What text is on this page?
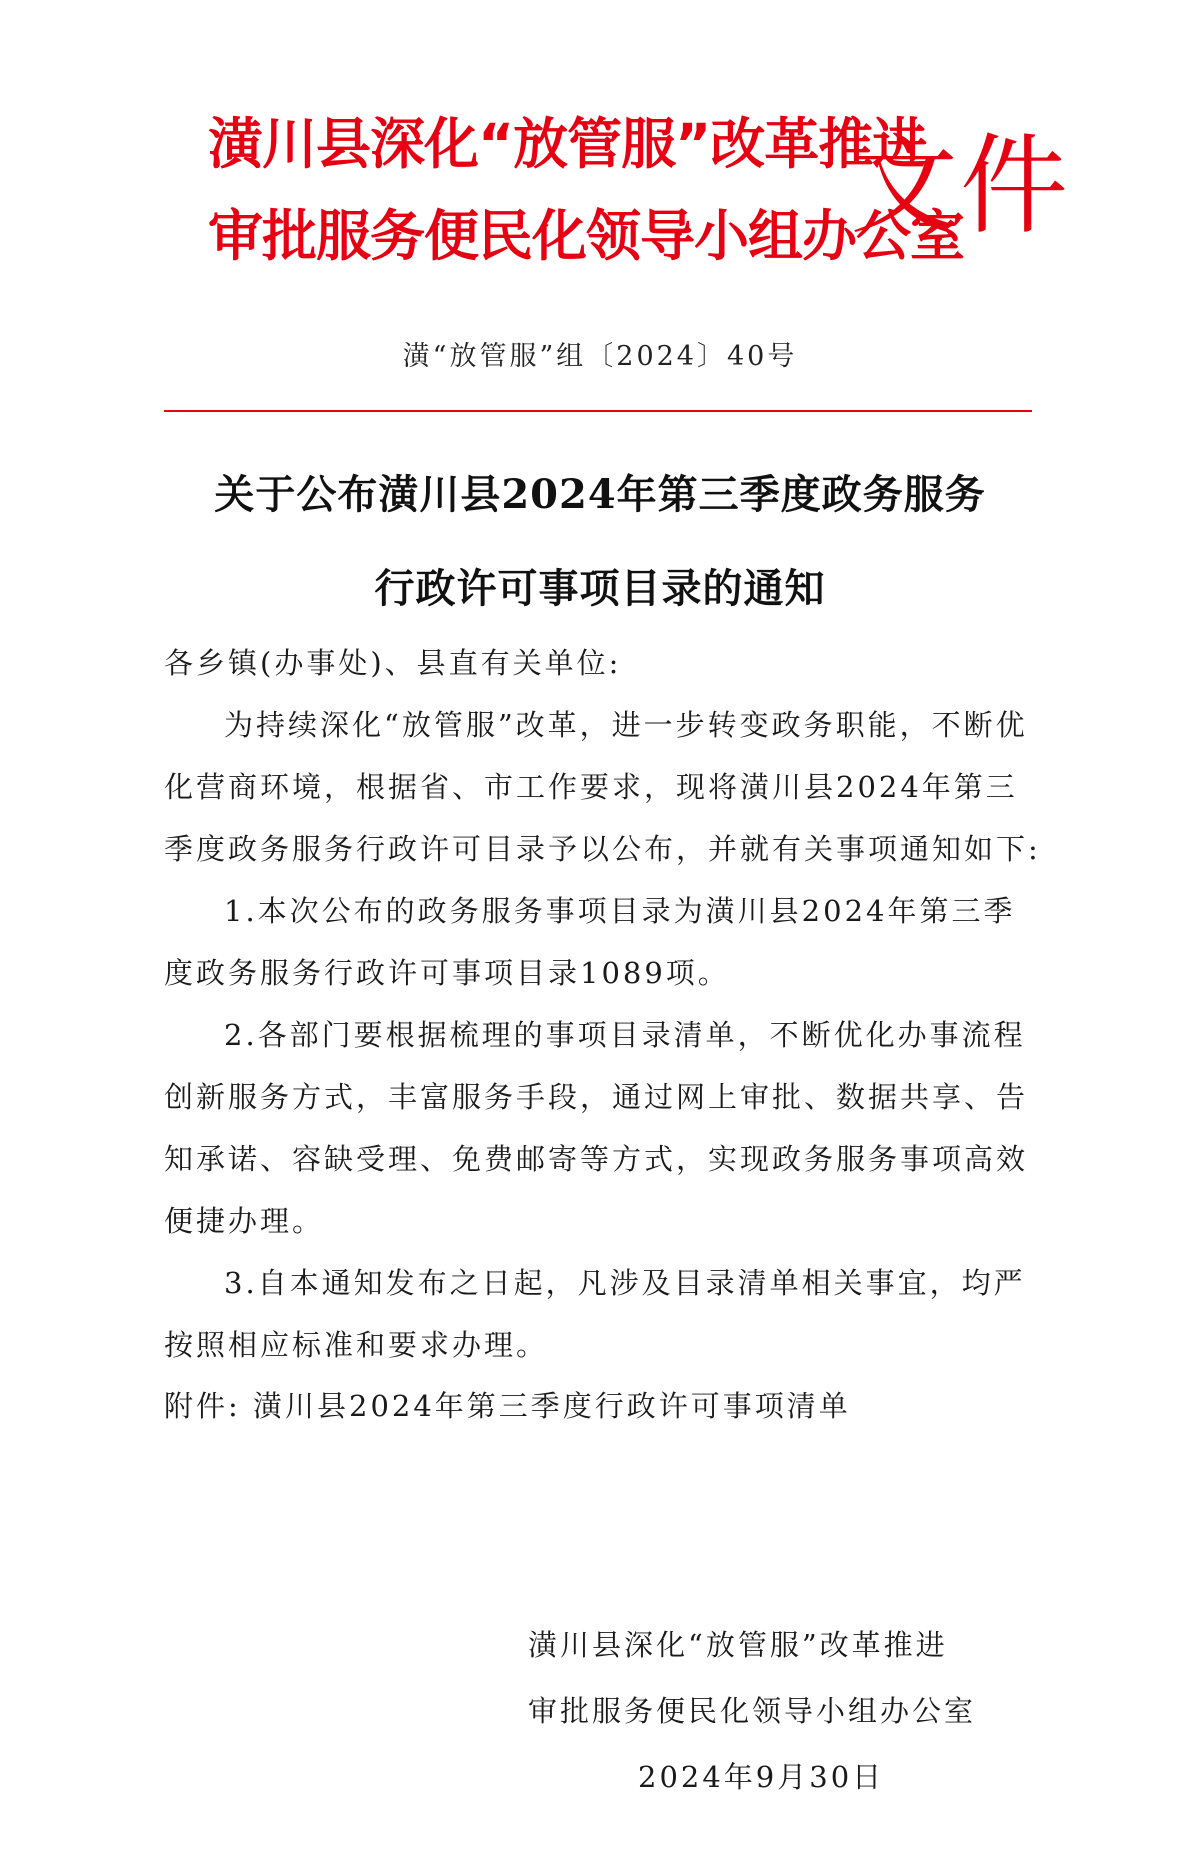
潢川县深化“放管服”改革推进
审批服务便民化领导小组办公室
文件
潢“放管服”组〔2024〕40号
关于公布潢川县2024年第三季度政务服务
行政许可事项目录的通知

各乡镇(办事处)、县直有关单位:

为持续深化“放管服”改革，进一步转变政务职能，不断优化营商环境，根据省、市工作要求，现将潢川县2024年第三季度政务服务行政许可目录予以公布，并就有关事项通知如下:

1.本次公布的政务服务事项目录为潢川县2024年第三季度政务服务行政许可事项目录1089项。

2.各部门要根据梳理的事项目录清单，不断优化办事流程创新服务方式，丰富服务手段，通过网上审批、数据共享、告知承诺、容缺受理、免费邮寄等方式，实现政务服务事项高效便捷办理。

3.自本通知发布之日起，凡涉及目录清单相关事宜，均严按照相应标准和要求办理。

附件: 潢川县2024年第三季度行政许可事项清单

潢川县深化“放管服”改革推进
审批服务便民化领导小组办公室
2024年9月30日
